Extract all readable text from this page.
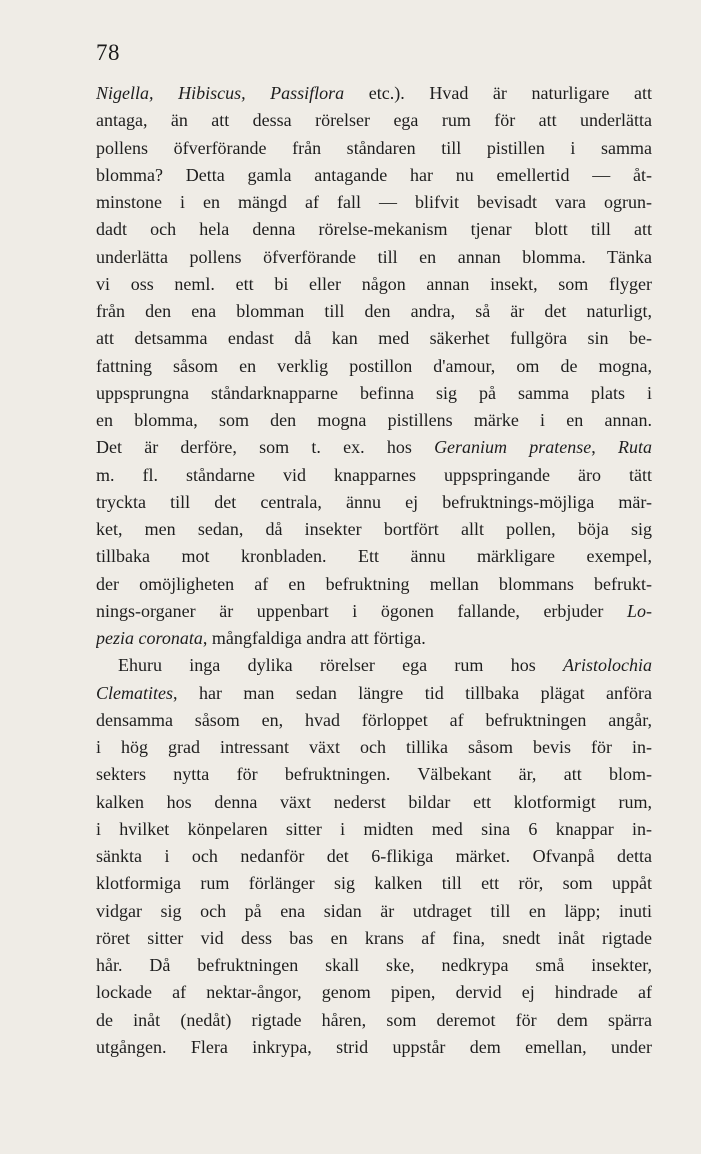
78
Nigella, Hibiscus, Passiflora etc.). Hvad är naturligare att
antaga, än att dessa rörelser ega rum för att underlätta
pollens öfverförande från ståndaren till pistillen i samma
blomma? Detta gamla antagande har nu emellertid — åt-
minstone i en mängd af fall — blifvit bevisadt vara ogrun-
dadt och hela denna rörelse-mekanism tjenar blott till att
underlätta pollens öfverförande till en annan blomma. Tänka
vi oss neml. ett bi eller någon annan insekt, som flyger
från den ena blomman till den andra, så är det naturligt,
att detsamma endast då kan med säkerhet fullgöra sin be-
fattning såsom en verklig postillon d'amour, om de mogna,
uppsprungna ståndarknapparne befinna sig på samma plats i
en blomma, som den mogna pistillens märke i en annan.
Det är derföre, som t. ex. hos Geranium pratense, Ruta
m. fl. ståndarne vid knapparnes uppspringande äro tätt
tryckta till det centrala, ännu ej befruktnings-möjliga mär-
ket, men sedan, då insekter bortfört allt pollen, böja sig
tillbaka mot kronbladen. Ett ännu märkligare exempel,
der omöjligheten af en befruktning mellan blommans befrukt-
nings-organer är uppenbart i ögonen fallande, erbjuder Lo-
pezia coronata, mångfaldiga andra att förtiga.
Ehuru inga dylika rörelser ega rum hos Aristolochia
Clematites, har man sedan längre tid tillbaka plägat anföra
densamma såsom en, hvad förloppet af befruktningen angår,
i hög grad intressant växt och tillika såsom bevis för in-
sekters nytta för befruktningen. Välbekant är, att blom-
kalken hos denna växt nederst bildar ett klotformigt rum,
i hvilket könpelaren sitter i midten med sina 6 knappar in-
sänkta i och nedanför det 6-flikiga märket. Ofvanpå detta
klotformiga rum förlänger sig kalken till ett rör, som uppåt
vidgar sig och på ena sidan är utdraget till en läpp; inuti
röret sitter vid dess bas en krans af fina, snedt inåt rigtade
hår. Då befruktningen skall ske, nedkrypa små insekter,
lockade af nektar-ångor, genom pipen, dervid ej hindrade af
de inåt (nedåt) rigtade håren, som deremot för dem spärra
utgången. Flera inkrypa, strid uppstår dem emellan, under
